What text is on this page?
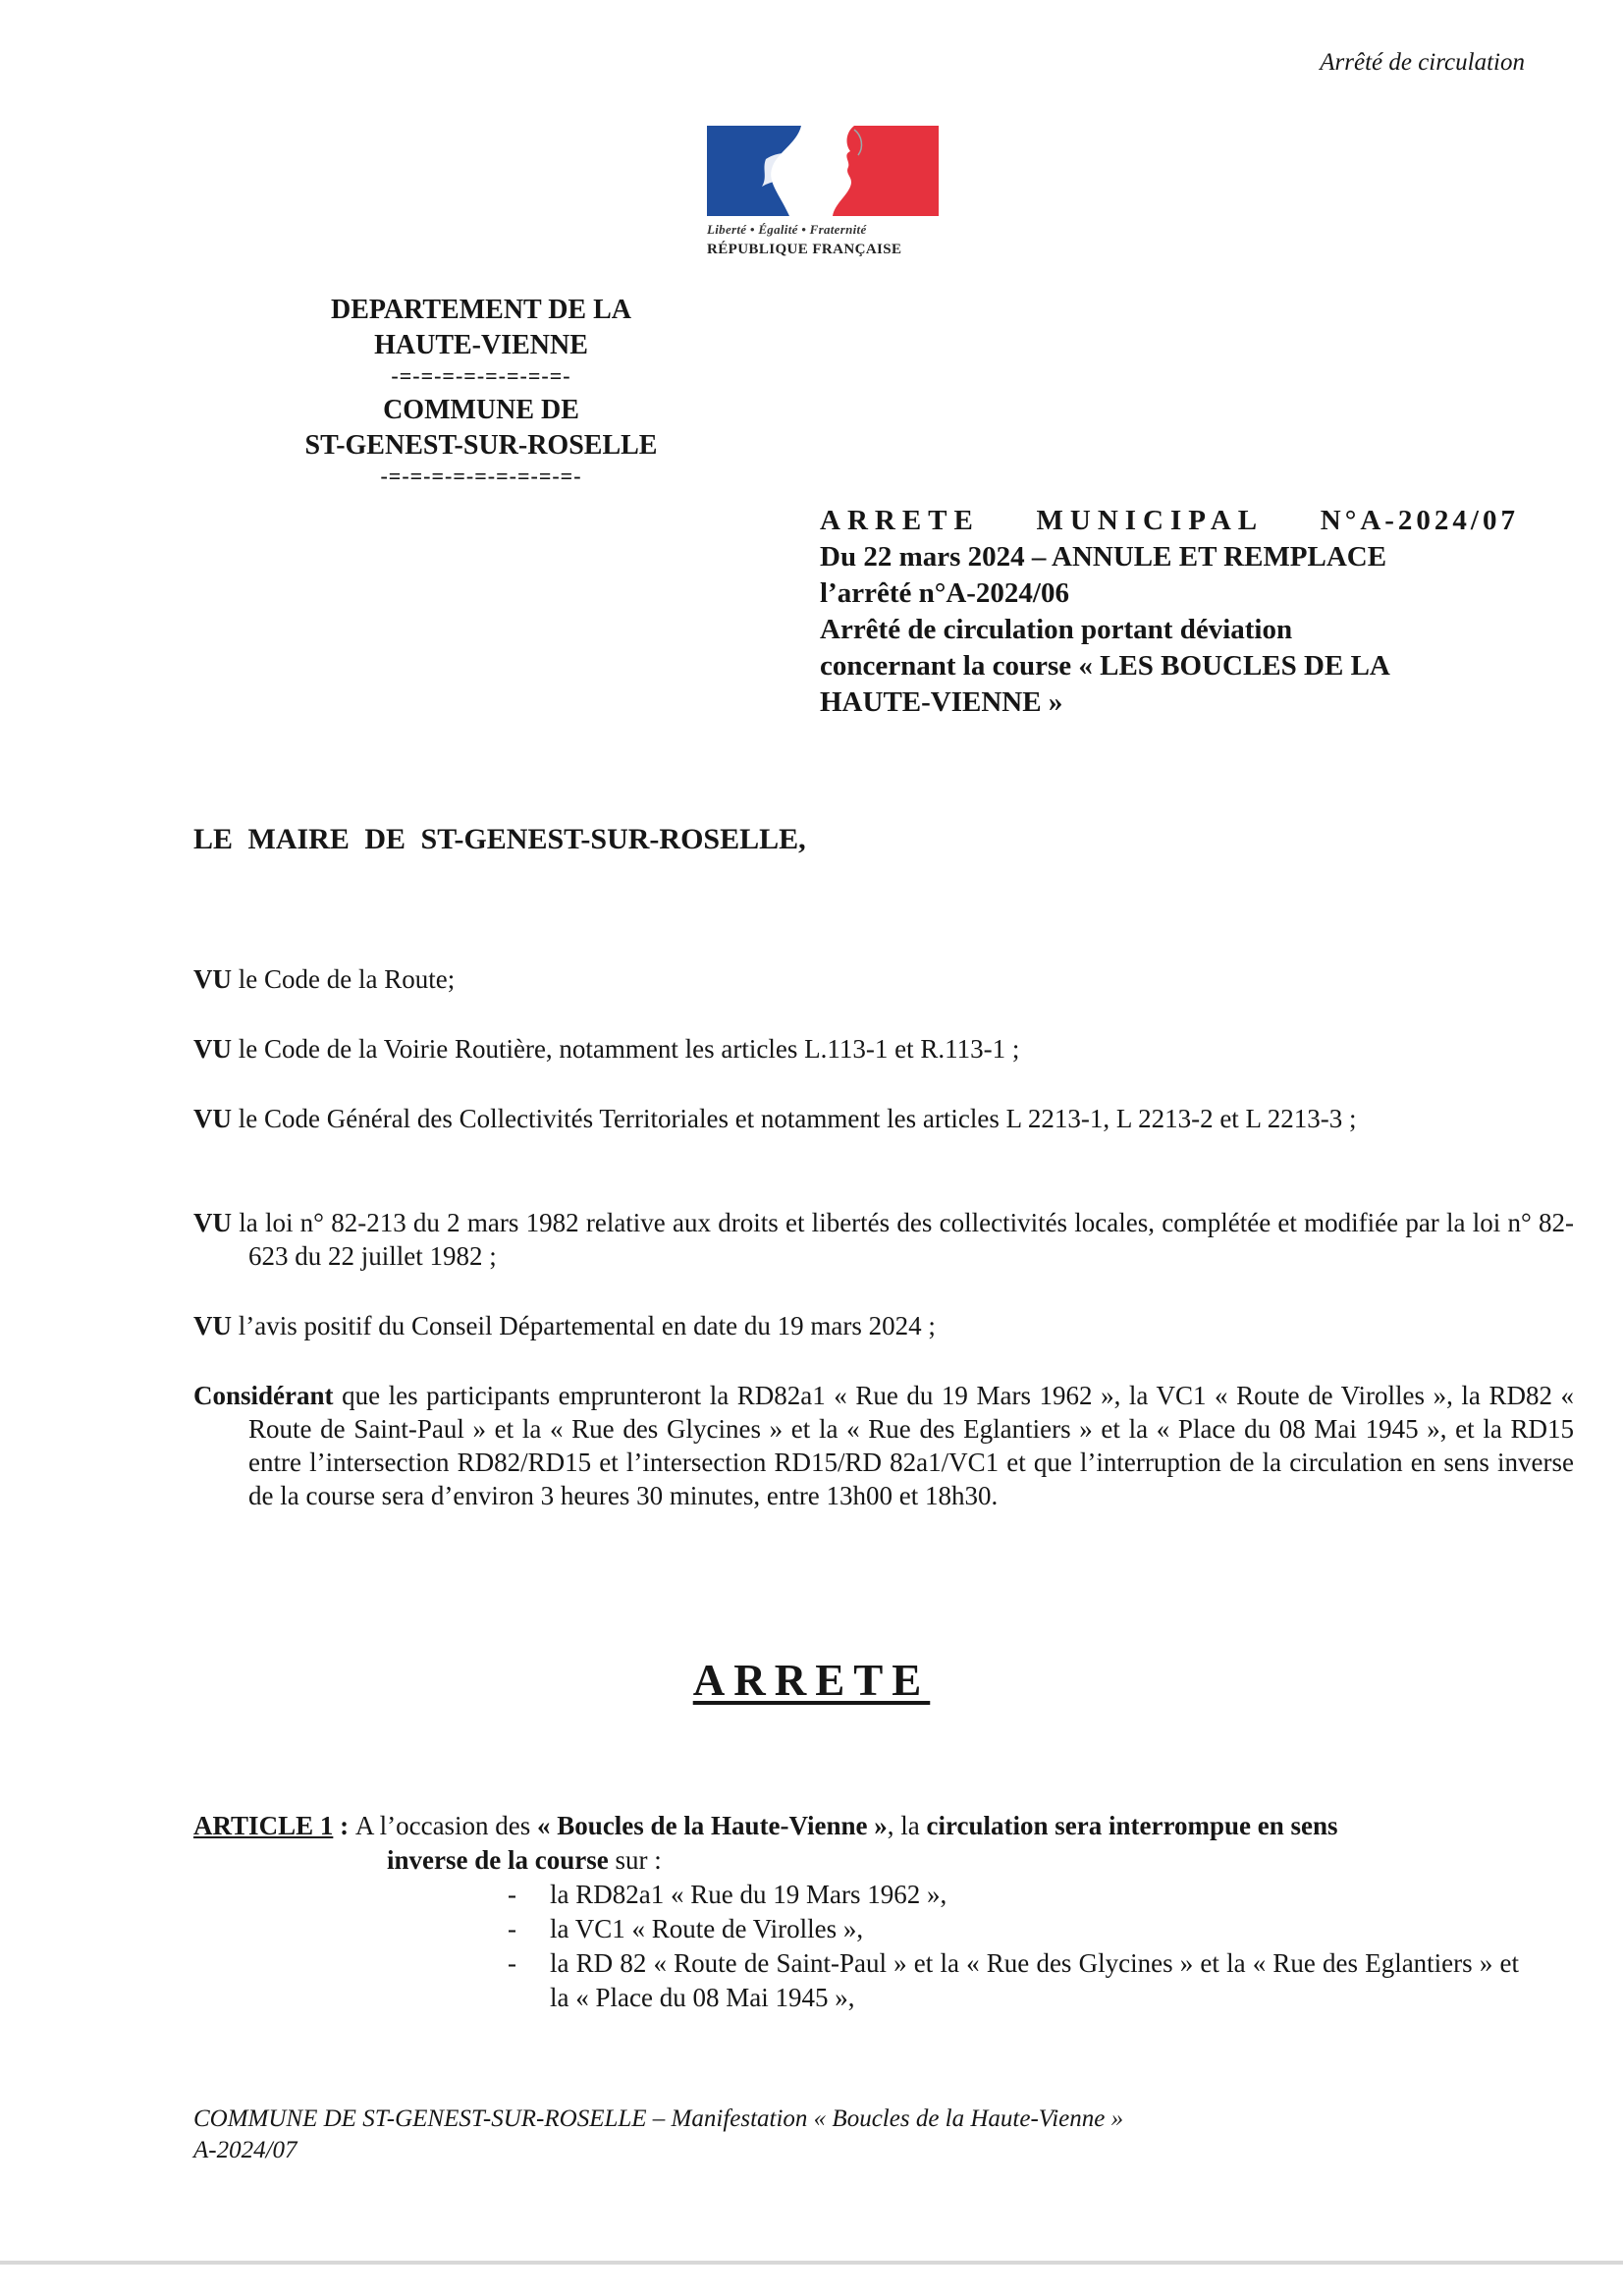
Arrêté de circulation
Liberté • Égalité • Fraternité
RÉPUBLIQUE FRANÇAISE
DEPARTEMENT DE LA
HAUTE-VIENNE
-=-=-=-=-=-=-=-=-
COMMUNE DE
ST-GENEST-SUR-ROSELLE
-=-=-=-=-=-=-=-=-=-
ARRETE MUNICIPAL N°A-2024/07
Du 22 mars 2024 – ANNULE ET REMPLACE
l’arrêté n°A-2024/06
Arrêté de circulation portant déviation
concernant la course « LES BOUCLES DE LA
HAUTE-VIENNE »
LE MAIRE DE ST-GENEST-SUR-ROSELLE,
VU le Code de la Route;
VU le Code de la Voirie Routière, notamment les articles L.113-1 et R.113-1 ;
VU le Code Général des Collectivités Territoriales et notamment les articles L 2213-1, L 2213-2 et L 2213-3 ;
VU la loi n° 82-213 du 2 mars 1982 relative aux droits et libertés des collectivités locales, complétée et modifiée par la loi n° 82-623 du 22 juillet 1982 ;
VU l’avis positif du Conseil Départemental en date du 19 mars 2024 ;
Considérant que les participants emprunteront la RD82a1 « Rue du 19 Mars 1962 », la VC1 « Route de Virolles », la RD82 « Route de Saint-Paul » et la « Rue des Glycines » et la « Rue des Eglantiers » et la « Place du 08 Mai 1945 », et la RD15 entre l’intersection RD82/RD15 et l’intersection RD15/RD 82a1/VC1 et que l’interruption de la circulation en sens inverse de la course sera d’environ 3 heures 30 minutes, entre 13h00 et 18h30.
ARRETE
ARTICLE 1 : A l’occasion des « Boucles de la Haute-Vienne », la circulation sera interrompue en sens
inverse de la course sur :
- la RD82a1 « Rue du 19 Mars 1962 »,
- la VC1 « Route de Virolles »,
- la RD 82 « Route de Saint-Paul » et la « Rue des Glycines » et la « Rue des Eglantiers » et la « Place du 08 Mai 1945 »,
COMMUNE DE ST-GENEST-SUR-ROSELLE – Manifestation « Boucles de la Haute-Vienne »
A-2024/07
